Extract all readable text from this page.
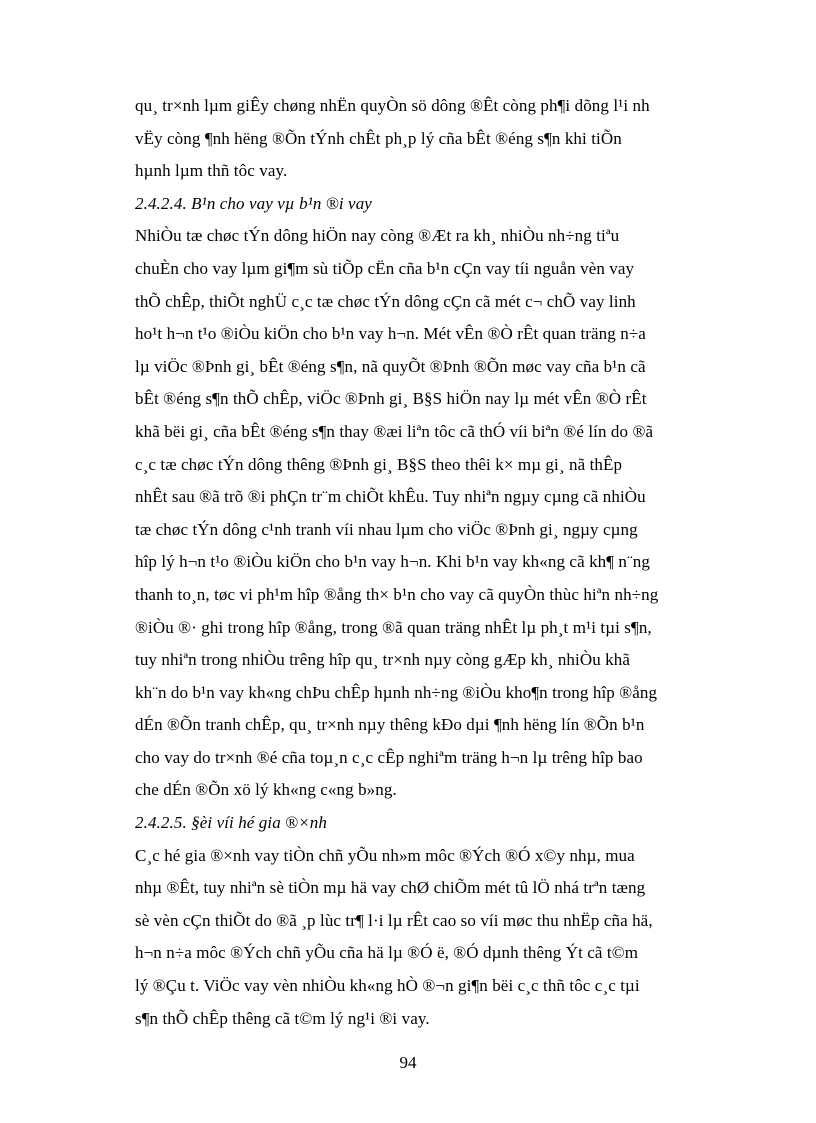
qu¸ tr×nh lµm giÊy chøng nhËn quyÒn sö dông ®Êt còng ph¶i dõng l¹i nh
vËy còng ¶nh hëng ®Õn tÝnh chÊt ph¸p lý cña bÊt ®éng s¶n khi tiÕn
hµnh lµm thñ tôc vay.
2.4.2.4. B¹n cho vay vµ b¹n ®i vay
NhiÒu tæ chøc tÝn dông hiÖn nay còng ®Æt ra kh¸ nhiÒu nh÷ng tiªu
chuÈn cho vay lµm gi¶m sù tiÕp cËn cña b¹n cÇn vay tíi nguån vèn vay
thÕ chÊp, thiÕt nghÜ c¸c tæ chøc tÝn dông cÇn cã mét c¬ chÕ vay linh
ho¹t h¬n t¹o ®iÒu kiÖn cho b¹n vay h¬n. Mét vÊn ®Ò rÊt quan träng n÷a
lµ viÖc ®Þnh gi¸ bÊt ®éng s¶n, nã quyÕt ®Þnh ®Õn møc vay cña b¹n cã
bÊt ®éng s¶n thÕ chÊp, viÖc ®Þnh gi¸ B§S hiÖn nay lµ mét vÊn ®Ò rÊt
khã bëi gi¸ cña bÊt ®éng s¶n thay ®æi liªn tôc cã thÓ víi biªn ®é lín do ®ã
c¸c tæ chøc tÝn dông thêng ®Þnh gi¸ B§S theo thêi k× mµ gi¸ nã thÊp
nhÊt sau ®ã trõ ®i phÇn tr¨m chiÕt khÊu. Tuy nhiªn ngµy cµng cã nhiÒu
tæ chøc tÝn dông c¹nh tranh víi nhau lµm cho viÖc ®Þnh gi¸ ngµy cµng
hîp lý h¬n t¹o ®iÒu kiÖn cho b¹n vay h¬n. Khi b¹n vay kh«ng cã kh¶ n¨ng
thanh to¸n, tøc vi ph¹m hîp ®ång th× b¹n cho vay cã quyÒn thùc hiªn nh÷ng
®iÒu ®· ghi trong hîp ®ång, trong ®ã quan träng nhÊt lµ ph¸t m¹i tµi s¶n,
tuy nhiªn trong nhiÒu trêng hîp qu¸ tr×nh nµy còng gÆp kh¸ nhiÒu khã
kh¨n do b¹n vay kh«ng chÞu chÊp hµnh nh÷ng ®iÒu kho¶n trong hîp ®ång
dÉn ®Õn tranh chÊp, qu¸ tr×nh nµy thêng kÐo dµi ¶nh hëng lín ®Õn b¹n
cho vay do tr×nh ®é cña toµ¸n c¸c cÊp nghiªm träng h¬n lµ trêng hîp bao
che dÉn ®Õn xö lý kh«ng c«ng b»ng.
2.4.2.5. §èi víi hé gia ®×nh
C¸c hé gia ®×nh vay tiÒn chñ yÕu nh»m môc ®Ých ®Ó x©y nhµ, mua
nhµ ®Êt, tuy nhiªn sè tiÒn mµ hä vay chØ chiÕm mét tû lÖ nhá trªn tæng
sè vèn cÇn thiÕt do ®ã ¸p lùc tr¶ l·i lµ rÊt cao so víi møc thu nhËp cña hä,
h¬n n÷a môc ®Ých chñ yÕu cña hä lµ ®Ó ë, ®Ó dµnh thêng Ýt cã t©m
lý ®Çu t. ViÖc vay vèn nhiÒu kh«ng hÒ ®¬n gi¶n bëi c¸c thñ tôc c¸c tµi
s¶n thÕ chÊp thêng cã t©m lý ng¹i ®i vay.
94
